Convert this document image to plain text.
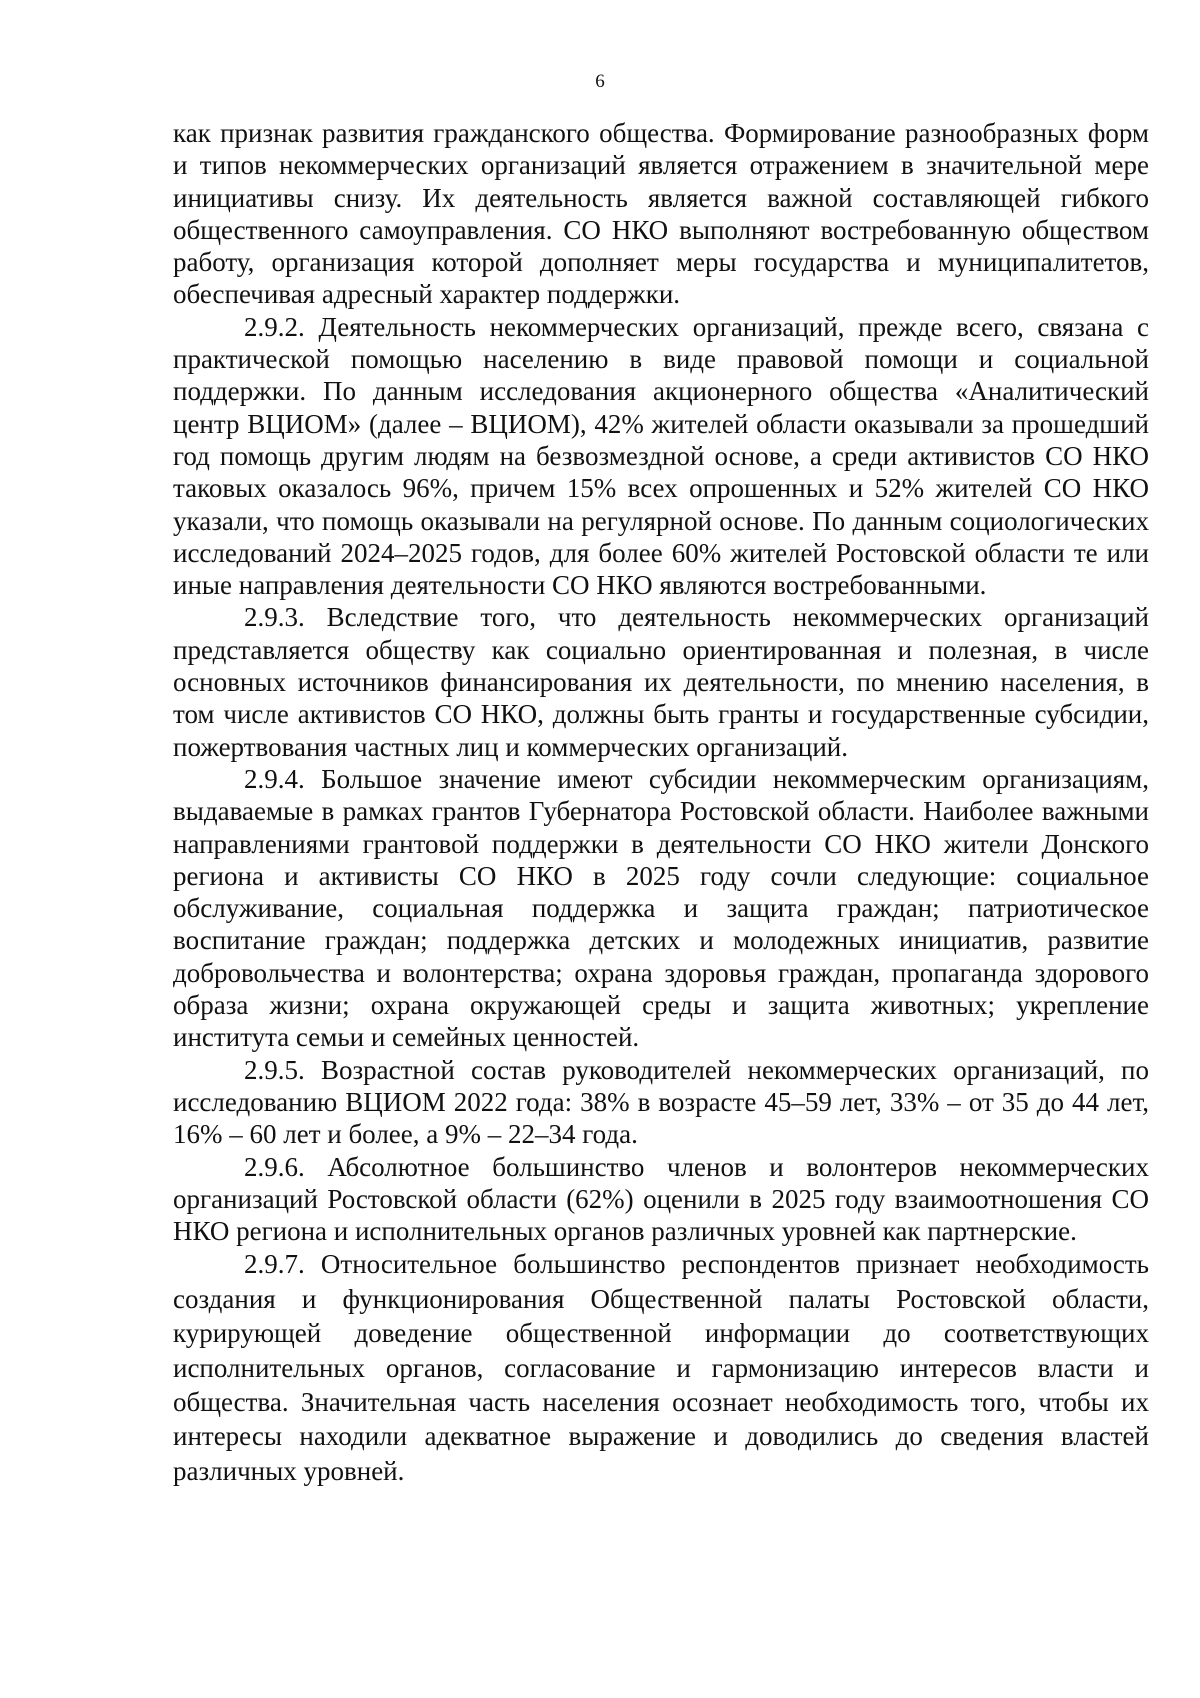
6

как признак развития гражданского общества. Формирование разнообразных форм и типов некоммерческих организаций является отражением в значительной мере инициативы снизу. Их деятельность является важной составляющей гибкого общественного самоуправления. СО НКО выполняют востребованную обществом работу, организация которой дополняет меры государства и муниципалитетов, обеспечивая адресный характер поддержки.

2.9.2. Деятельность некоммерческих организаций, прежде всего, связана с практической помощью населению в виде правовой помощи и социальной поддержки. По данным исследования акционерного общества «Аналитический центр ВЦИОМ» (далее – ВЦИОМ), 42% жителей области оказывали за прошедший год помощь другим людям на безвозмездной основе, а среди активистов СО НКО таковых оказалось 96%, причем 15% всех опрошенных и 52% жителей СО НКО указали, что помощь оказывали на регулярной основе. По данным социологических исследований 2024–2025 годов, для более 60% жителей Ростовской области те или иные направления деятельности СО НКО являются востребованными.

2.9.3. Вследствие того, что деятельность некоммерческих организаций представляется обществу как социально ориентированная и полезная, в числе основных источников финансирования их деятельности, по мнению населения, в том числе активистов СО НКО, должны быть гранты и государственные субсидии, пожертвования частных лиц и коммерческих организаций.

2.9.4. Большое значение имеют субсидии некоммерческим организациям, выдаваемые в рамках грантов Губернатора Ростовской области. Наиболее важными направлениями грантовой поддержки в деятельности СО НКО жители Донского региона и активисты СО НКО в 2025 году сочли следующие: социальное обслуживание, социальная поддержка и защита граждан; патриотическое воспитание граждан; поддержка детских и молодежных инициатив, развитие добровольчества и волонтерства; охрана здоровья граждан, пропаганда здорового образа жизни; охрана окружающей среды и защита животных; укрепление института семьи и семейных ценностей.

2.9.5. Возрастной состав руководителей некоммерческих организаций, по исследованию ВЦИОМ 2022 года: 38% в возрасте 45–59 лет, 33% – от 35 до 44 лет, 16% – 60 лет и более, а 9% – 22–34 года.

2.9.6. Абсолютное большинство членов и волонтеров некоммерческих организаций Ростовской области (62%) оценили в 2025 году взаимоотношения СО НКО региона и исполнительных органов различных уровней как партнерские.

2.9.7. Относительное большинство респондентов признает необходимость создания и функционирования Общественной палаты Ростовской области, курирующей доведение общественной информации до соответствующих исполнительных органов, согласование и гармонизацию интересов власти и общества. Значительная часть населения осознает необходимость того, чтобы их интересы находили адекватное выражение и доводились до сведения властей различных уровней.
